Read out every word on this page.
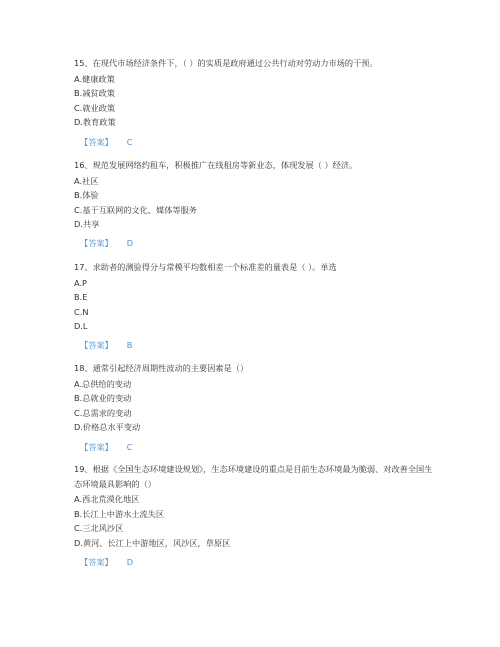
15、在现代市场经济条件下，（ ）的实质是政府通过公共行动对劳动力市场的干预。
A.健康政策
B.减贫政策
C.就业政策
D.教育政策
【答案】 C
16、规范发展网络约租车，积极推广在线租房等新业态，体现发展（ ）经济。
A.社区
B.体验
C.基于互联网的文化、媒体等服务
D.共享
【答案】 D
17、求助者的测验得分与常模平均数相差一个标准差的量表是（ ）。单选
A.P
B.E
C.N
D.L
【答案】 B
18、通常引起经济周期性波动的主要因素是（）
A.总供给的变动
B.总就业的变动
C.总需求的变动
D.价格总水平变动
【答案】 C
19、根据《全国生态环境建设规划》，生态环境建设的重点是目前生态环境最为脆弱、对改善全国生态环境最具影响的（）
A.西北荒漠化地区
B.长江上中游水土流失区
C.三北风沙区
D.黄河、长江上中游地区，风沙区，草原区
【答案】 D
